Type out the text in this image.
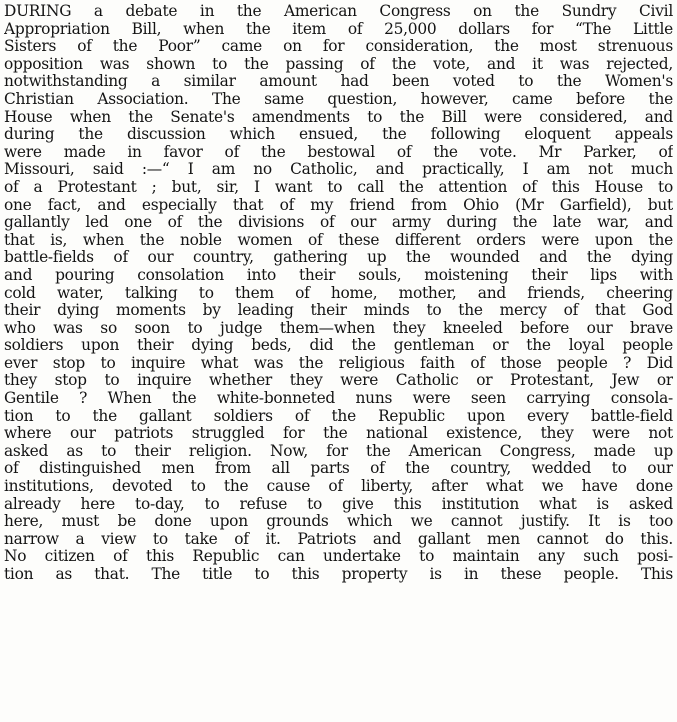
DURING a debate in the American Congress on the Sundry Civil
Appropriation Bill, when the item of 25,000 dollars for “The Little
Sisters of the Poor” came on for consideration, the most strenuous
opposition was shown to the passing of the vote, and it was rejected,
notwithstanding a similar amount had been voted to the Women's
Christian Association. The same question, however, came before the
House when the Senate's amendments to the Bill were considered, and
during the discussion which ensued, the following eloquent appeals
were made in favor of the bestowal of the vote. Mr Parker, of
Missouri, said :—“ I am no Catholic, and practically, I am not much
of a Protestant ; but, sir, I want to call the attention of this House to
one fact, and especially that of my friend from Ohio (Mr Garfield), but
gallantly led one of the divisions of our army during the late war, and
that is, when the noble women of these different orders were upon the
battle-fields of our country, gathering up the wounded and the dying
and pouring consolation into their souls, moistening their lips with
cold water, talking to them of home, mother, and friends, cheering
their dying moments by leading their minds to the mercy of that God
who was so soon to judge them—when they kneeled before our brave
soldiers upon their dying beds, did the gentleman or the loyal people
ever stop to inquire what was the religious faith of those people ? Did
they stop to inquire whether they were Catholic or Protestant, Jew or
Gentile ? When the white-bonneted nuns were seen carrying consola-
tion to the gallant soldiers of the Republic upon every battle-field
where our patriots struggled for the national existence, they were not
asked as to their religion. Now, for the American Congress, made up
of distinguished men from all parts of the country, wedded to our
institutions, devoted to the cause of liberty, after what we have done
already here to-day, to refuse to give this institution what is asked
here, must be done upon grounds which we cannot justify. It is too
narrow a view to take of it. Patriots and gallant men cannot do this.
No citizen of this Republic can undertake to maintain any such posi-
tion as that. The title to this property is in these people. This
